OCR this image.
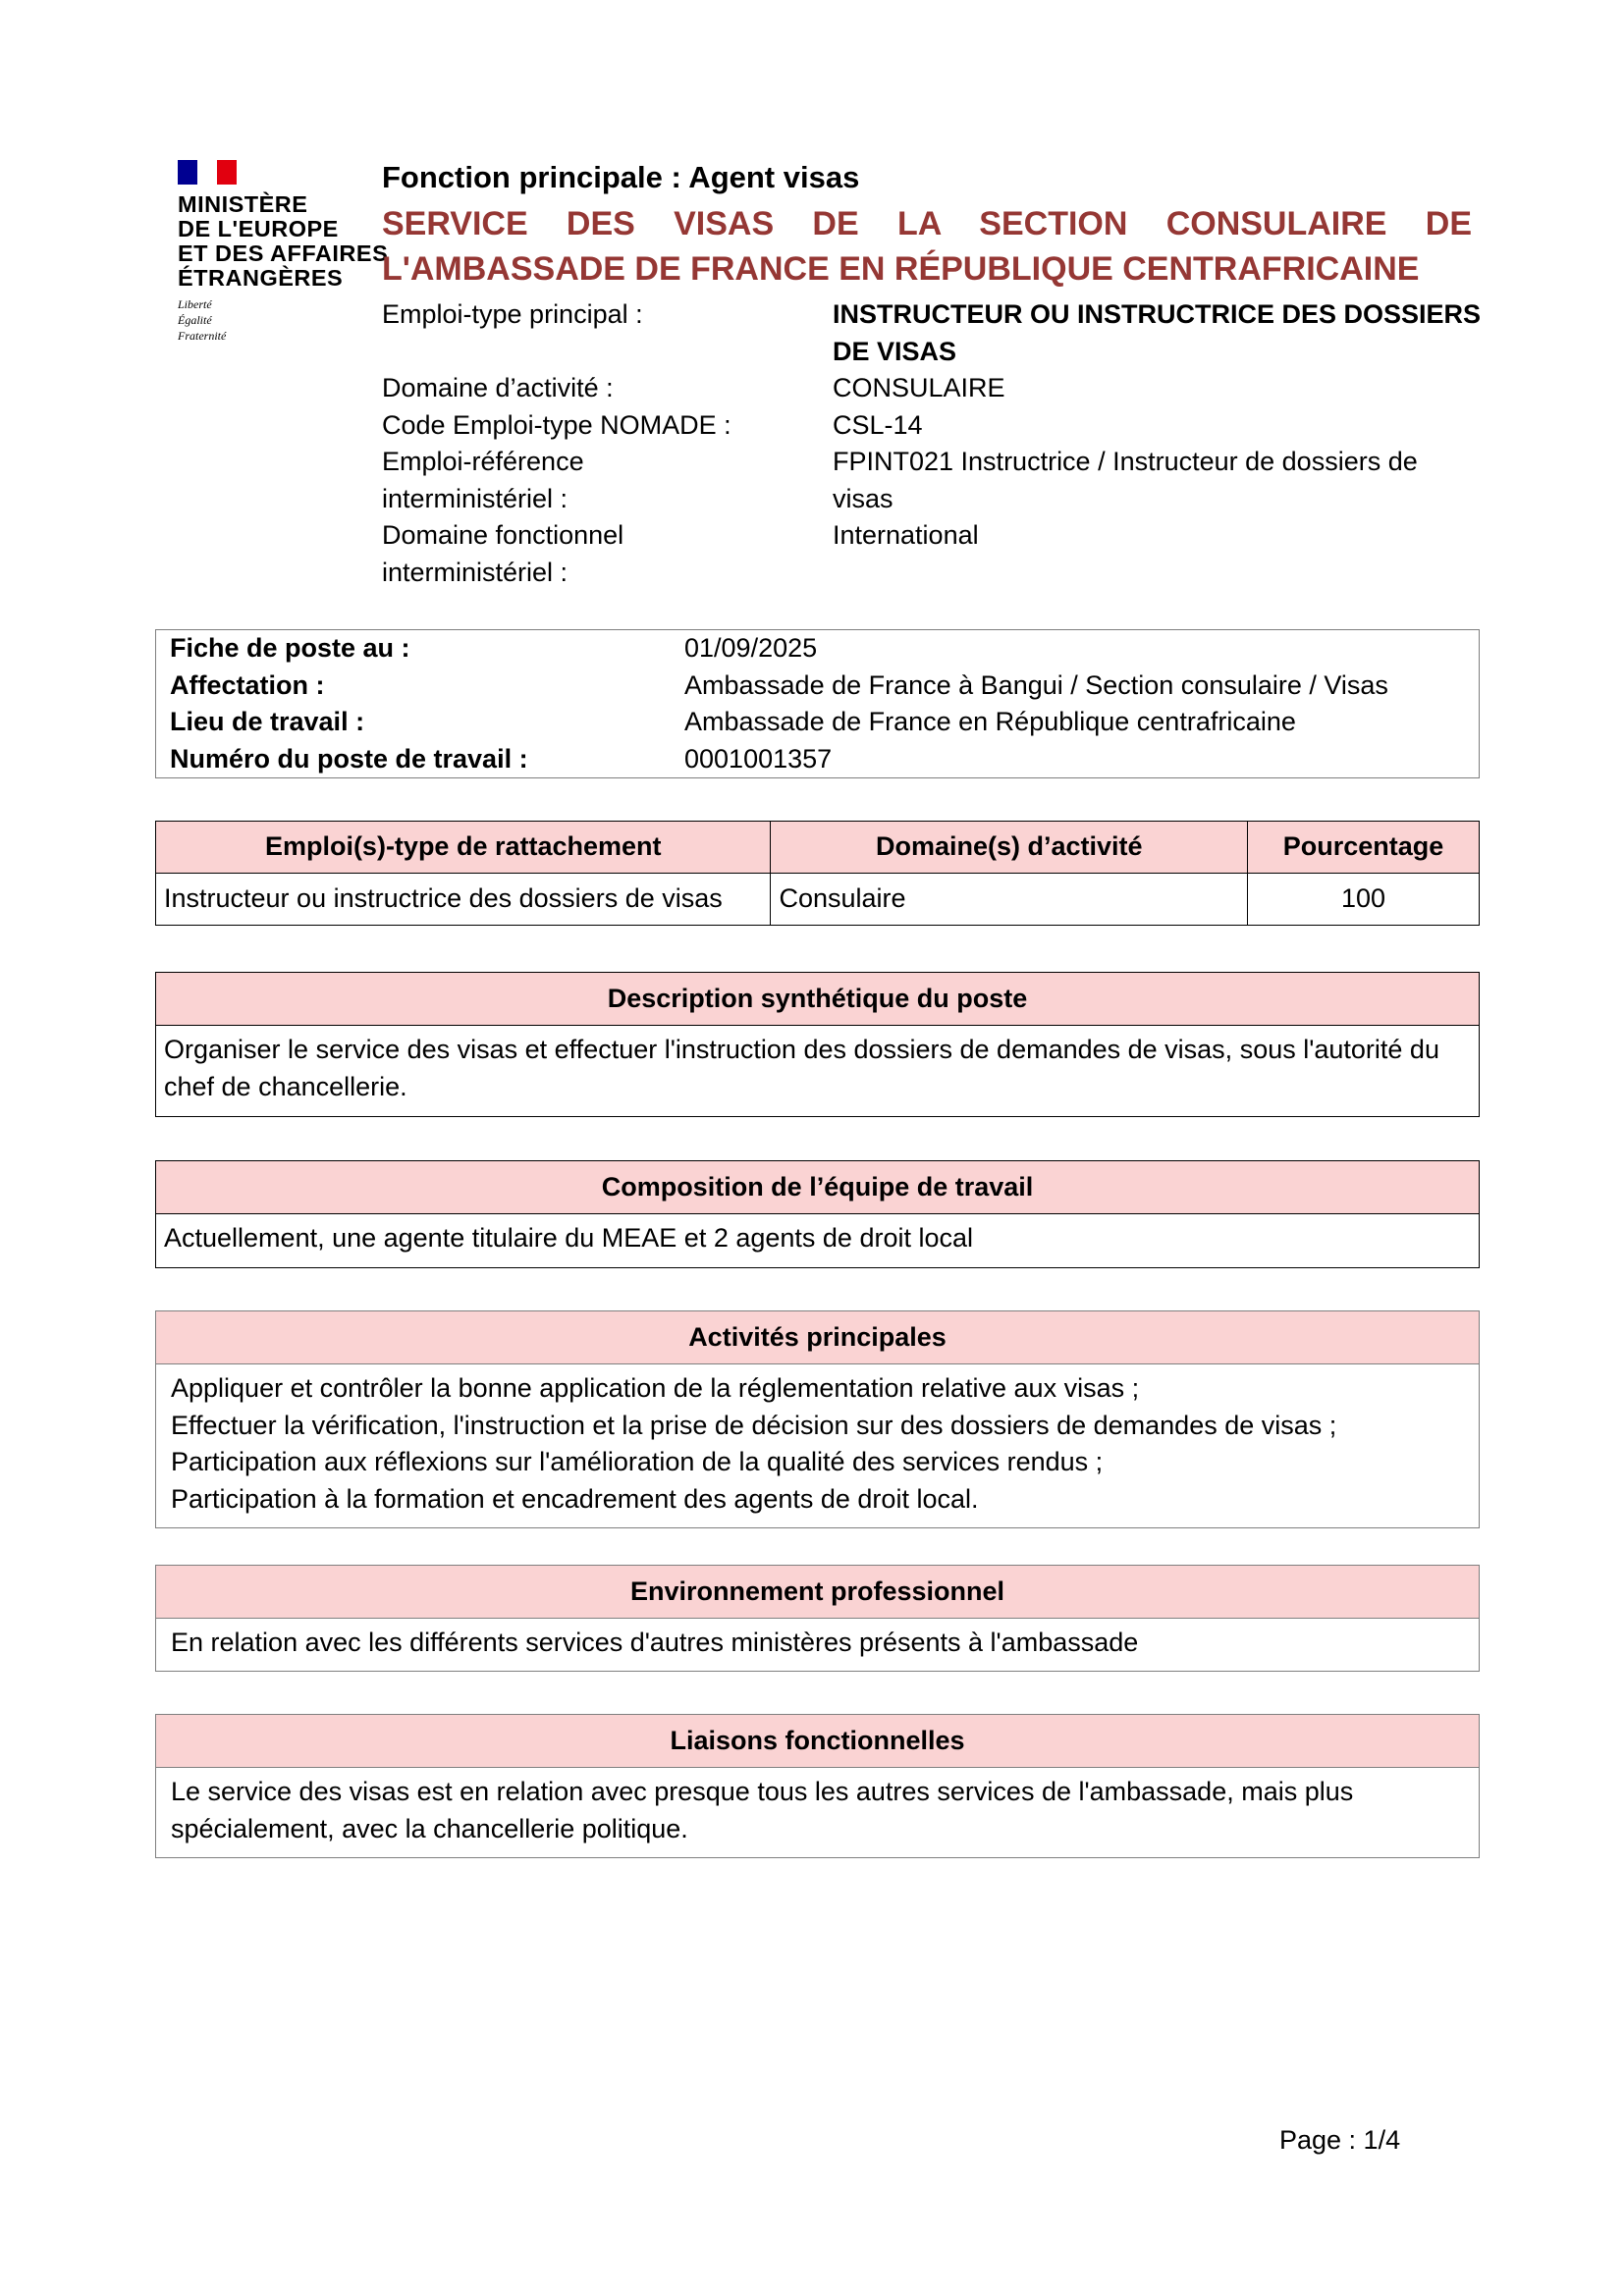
MINISTÈRE
DE L'EUROPE
ET DES AFFAIRES
ÉTRANGÈRES
Liberté
Égalité
Fraternité
Fonction principale : Agent visas
SERVICE DES VISAS DE LA SECTION CONSULAIRE DE L'AMBASSADE DE FRANCE EN RÉPUBLIQUE CENTRAFRICAINE
Emploi-type principal :	INSTRUCTEUR OU INSTRUCTRICE DES DOSSIERS DE VISAS
Domaine d’activité :	CONSULAIRE
Code Emploi-type NOMADE :	CSL-14
Emploi-référence interministériel :
FPINT021 Instructrice / Instructeur de dossiers de visas
Domaine fonctionnel interministériel :
International
Fiche de poste au :	01/09/2025
Affectation :	Ambassade de France à Bangui / Section consulaire / Visas
Lieu de travail :	Ambassade de France en République centrafricaine
Numéro du poste de travail :	0001001357
Emploi(s)-type de rattachement	Domaine(s) d’activité	Pourcentage
Instructeur ou instructrice des dossiers de visas	Consulaire	100
Description synthétique du poste
Organiser le service des visas et effectuer l'instruction des dossiers de demandes de visas, sous l'autorité du chef de chancellerie.
Composition de l’équipe de travail
Actuellement, une agente titulaire du MEAE et 2 agents de droit local
Activités principales
Appliquer et contrôler la bonne application de la réglementation relative aux visas ;
Effectuer la vérification, l'instruction et la prise de décision sur des dossiers de demandes de visas ;
Participation aux réflexions sur l'amélioration de la qualité des services rendus ;
Participation à la formation et encadrement des agents de droit local.
Environnement professionnel
En relation avec les différents services d'autres ministères présents à l'ambassade
Liaisons fonctionnelles
Le service des visas est en relation avec presque tous les autres services de l'ambassade, mais plus spécialement, avec la chancellerie politique.
Page : 1/4
